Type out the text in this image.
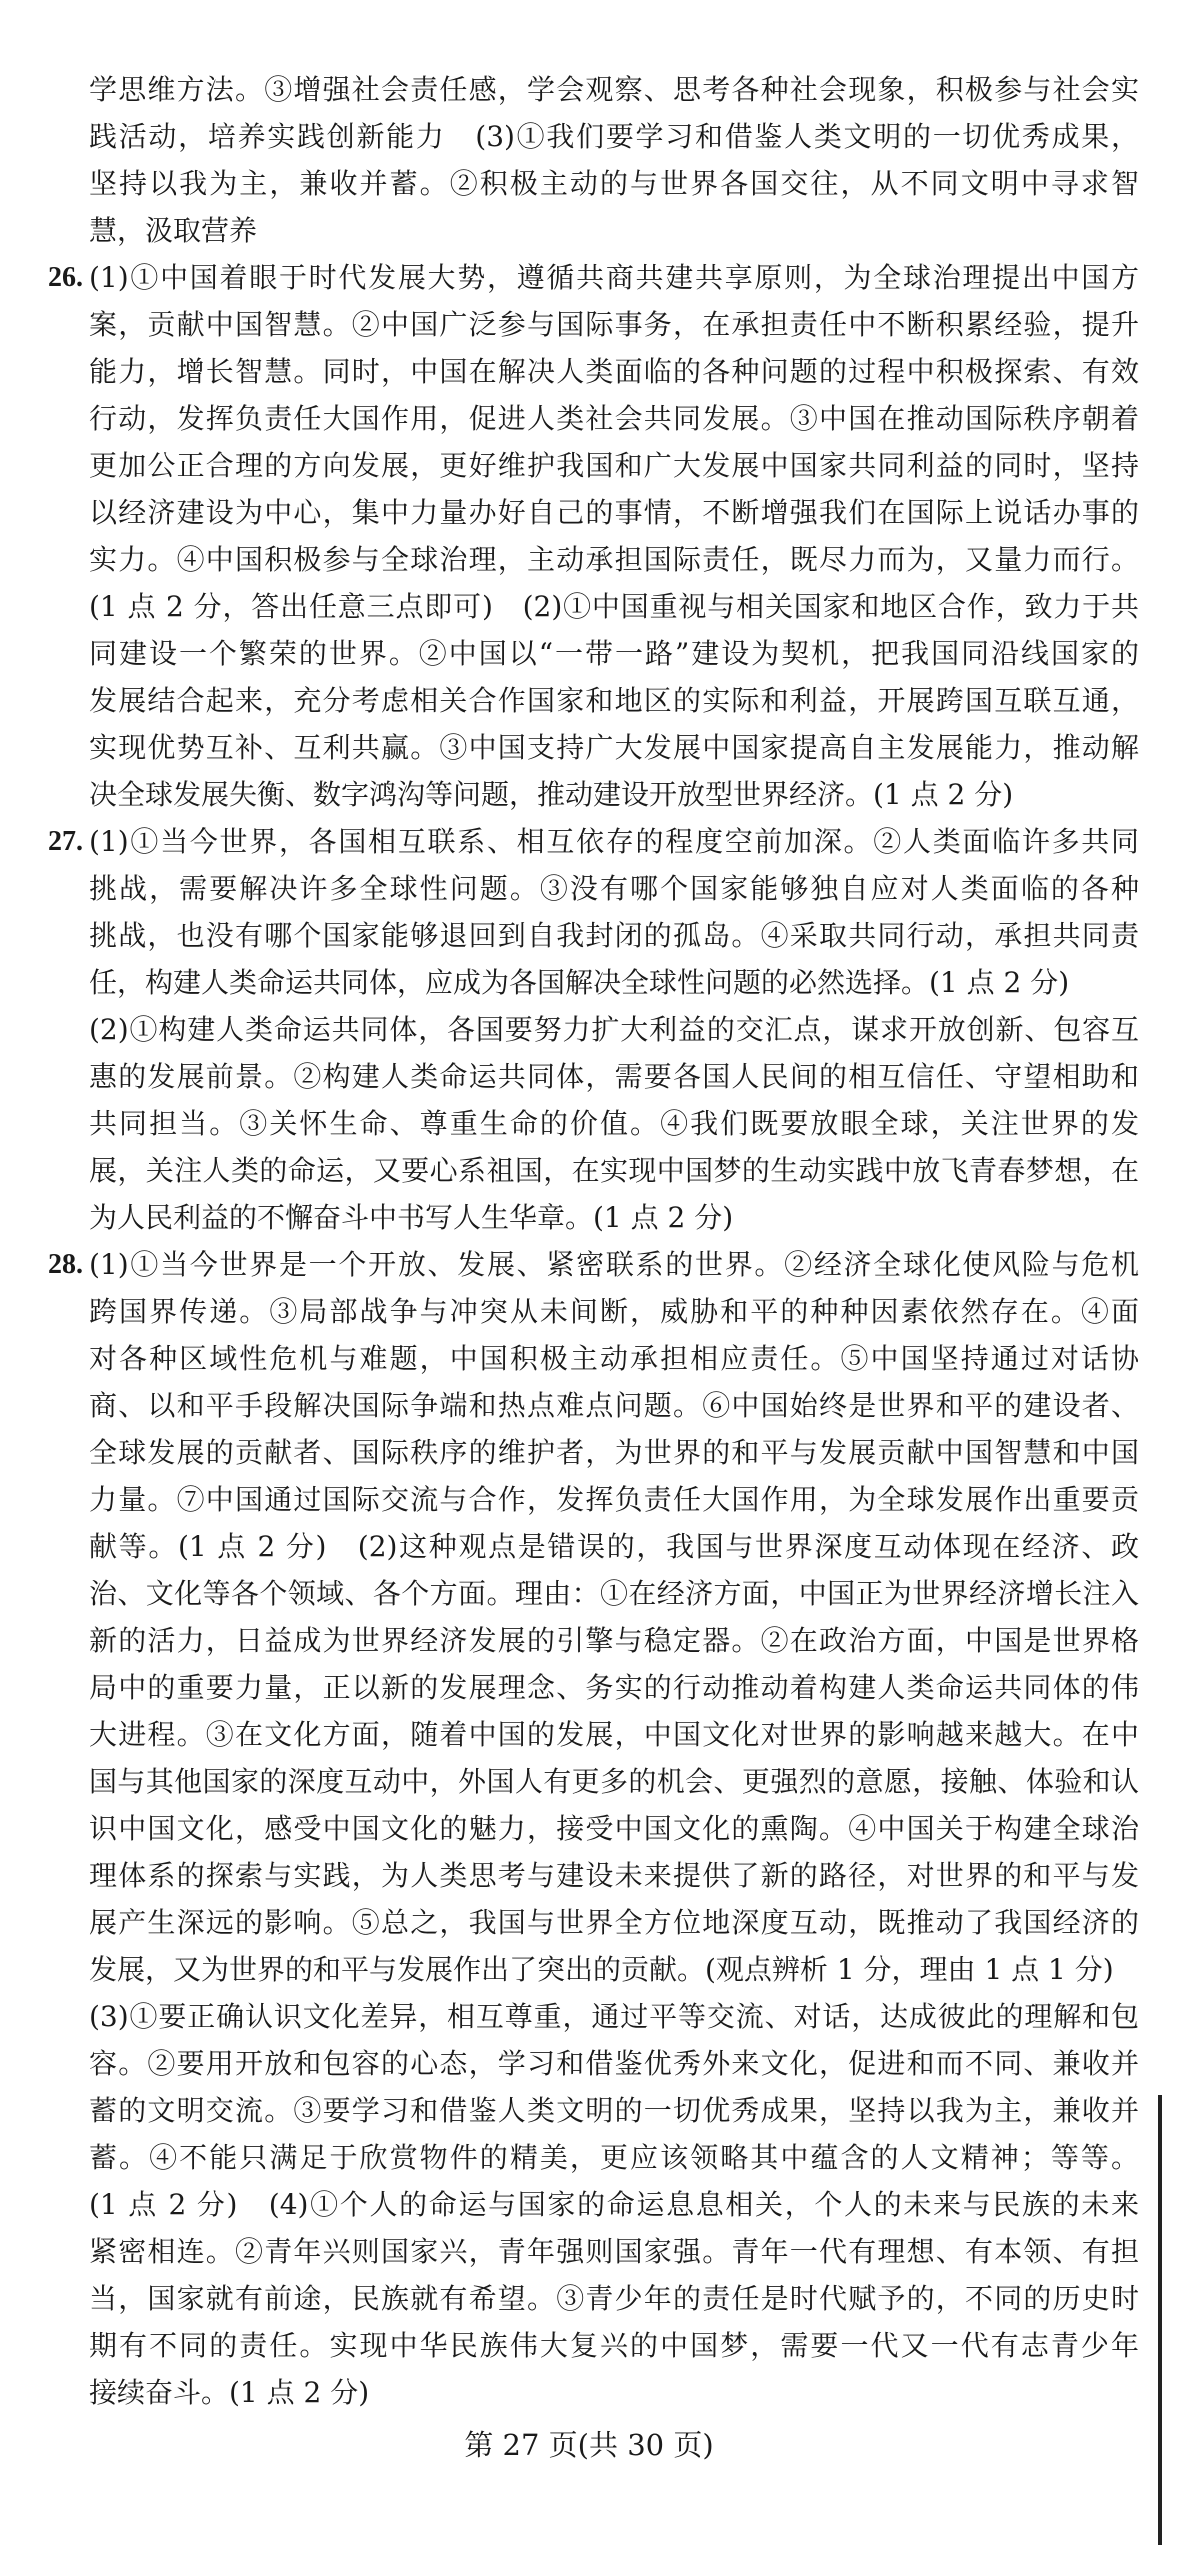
学思维方法。③增强社会责任感，学会观察、思考各种社会现象，积极参与社会实
践活动，培养实践创新能力　(3)①我们要学习和借鉴人类文明的一切优秀成果，
坚持以我为主，兼收并蓄。②积极主动的与世界各国交往，从不同文明中寻求智
慧，汲取营养
26. (1)①中国着眼于时代发展大势，遵循共商共建共享原则，为全球治理提出中国方
案，贡献中国智慧。②中国广泛参与国际事务，在承担责任中不断积累经验，提升
能力，增长智慧。同时，中国在解决人类面临的各种问题的过程中积极探索、有效
行动，发挥负责任大国作用，促进人类社会共同发展。③中国在推动国际秩序朝着
更加公正合理的方向发展，更好维护我国和广大发展中国家共同利益的同时，坚持
以经济建设为中心，集中力量办好自己的事情，不断增强我们在国际上说话办事的
实力。④中国积极参与全球治理，主动承担国际责任，既尽力而为，又量力而行。
(1 点 2 分，答出任意三点即可)　(2)①中国重视与相关国家和地区合作，致力于共
同建设一个繁荣的世界。②中国以“一带一路”建设为契机，把我国同沿线国家的
发展结合起来，充分考虑相关合作国家和地区的实际和利益，开展跨国互联互通，
实现优势互补、互利共赢。③中国支持广大发展中国家提高自主发展能力，推动解
决全球发展失衡、数字鸿沟等问题，推动建设开放型世界经济。(1 点 2 分)
27. (1)①当今世界，各国相互联系、相互依存的程度空前加深。②人类面临许多共同
挑战，需要解决许多全球性问题。③没有哪个国家能够独自应对人类面临的各种
挑战，也没有哪个国家能够退回到自我封闭的孤岛。④采取共同行动，承担共同责
任，构建人类命运共同体，应成为各国解决全球性问题的必然选择。(1 点 2 分)
(2)①构建人类命运共同体，各国要努力扩大利益的交汇点，谋求开放创新、包容互
惠的发展前景。②构建人类命运共同体，需要各国人民间的相互信任、守望相助和
共同担当。③关怀生命、尊重生命的价值。④我们既要放眼全球，关注世界的发
展，关注人类的命运，又要心系祖国，在实现中国梦的生动实践中放飞青春梦想，在
为人民利益的不懈奋斗中书写人生华章。(1 点 2 分)
28. (1)①当今世界是一个开放、发展、紧密联系的世界。②经济全球化使风险与危机
跨国界传递。③局部战争与冲突从未间断，威胁和平的种种因素依然存在。④面
对各种区域性危机与难题，中国积极主动承担相应责任。⑤中国坚持通过对话协
商、以和平手段解决国际争端和热点难点问题。⑥中国始终是世界和平的建设者、
全球发展的贡献者、国际秩序的维护者，为世界的和平与发展贡献中国智慧和中国
力量。⑦中国通过国际交流与合作，发挥负责任大国作用，为全球发展作出重要贡
献等。(1 点 2 分)　(2)这种观点是错误的，我国与世界深度互动体现在经济、政
治、文化等各个领域、各个方面。理由：①在经济方面，中国正为世界经济增长注入
新的活力，日益成为世界经济发展的引擎与稳定器。②在政治方面，中国是世界格
局中的重要力量，正以新的发展理念、务实的行动推动着构建人类命运共同体的伟
大进程。③在文化方面，随着中国的发展，中国文化对世界的影响越来越大。在中
国与其他国家的深度互动中，外国人有更多的机会、更强烈的意愿，接触、体验和认
识中国文化，感受中国文化的魅力，接受中国文化的熏陶。④中国关于构建全球治
理体系的探索与实践，为人类思考与建设未来提供了新的路径，对世界的和平与发
展产生深远的影响。⑤总之，我国与世界全方位地深度互动，既推动了我国经济的
发展，又为世界的和平与发展作出了突出的贡献。(观点辨析 1 分，理由 1 点 1 分)
(3)①要正确认识文化差异，相互尊重，通过平等交流、对话，达成彼此的理解和包
容。②要用开放和包容的心态，学习和借鉴优秀外来文化，促进和而不同、兼收并
蓄的文明交流。③要学习和借鉴人类文明的一切优秀成果，坚持以我为主，兼收并
蓄。④不能只满足于欣赏物件的精美，更应该领略其中蕴含的人文精神；等等。
(1 点 2 分)　(4)①个人的命运与国家的命运息息相关，个人的未来与民族的未来
紧密相连。②青年兴则国家兴，青年强则国家强。青年一代有理想、有本领、有担
当，国家就有前途，民族就有希望。③青少年的责任是时代赋予的，不同的历史时
期有不同的责任。实现中华民族伟大复兴的中国梦，需要一代又一代有志青少年
接续奋斗。(1 点 2 分)
第 27 页(共 30 页)
